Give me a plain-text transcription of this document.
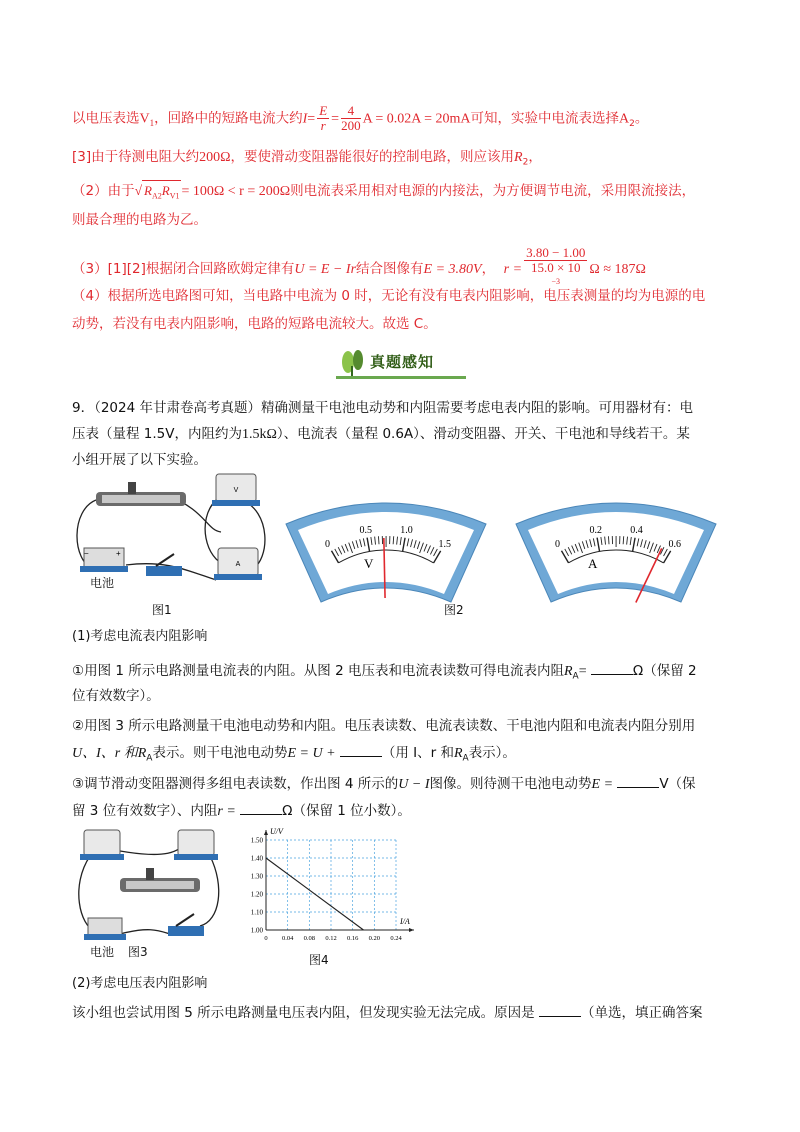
以电压表选$V_1$，回路中的短路电流大约$I= \frac{E}{r} = \frac{4}{200}$ A = 0.02A = 20mA可知，实验中电流表选择$A_2$。
[3]由于待测电阻大约200Ω，要使滑动变阻器能很好的控制电路，则应该用$R_2$，
（2）由于√ $R_{A2}R_{V1} = 100\Omega < r = 200\Omega$则电流表采用相对电源的内接法，为方便调节电流，采用限流接法，
则最合理的电路为乙。
（3）[1][2]根据闭合回路欧姆定律有U = E − Ir结合图像有E = 3.80V， r = 3.80 − 1.00
15.0 × 10
$^{-3}$ Ω ≈ 187Ω
（4）根据所选电路图可知，当电路中电流为 0 时，无论有没有电表内阻影响，电压表测量的均为电源的电
动势，若没有电表内阻影响，电路的短路电流较大。故选 C。
真题感知
9．（2024 年甘肃卷高考真题）精确测量干电池电动势和内阻需要考虑电表内阻的影响。可用器材有：电
压表（量程 1.5V，内阻约为1.5kΩ）、电流表（量程 0.6A）、滑动变阻器、开关、干电池和导线若干。某
小组开展了以下实验。
V
A
−	+
电池
图1
0
0.5	1.0
1.5
V
0
0.2	0.4
0.6
A
图2
(1)考虑电流表内阻影响
①用图 1 所示电路测量电流表的内阻。从图 2 电压表和电流表读数可得电流表内阻$R_A=$	Ω（保留 2
位有效数字）。
②用图 3 所示电路测量干电池电动势和内阻。电压表读数、电流表读数、干电池内阻和电流表内阻分别用
U、I、r 和$R_A$表示。则干电池电动势E = U +	（用 I、r 和$R_A$表示）。
③调节滑动变阻器测得多组电表读数，作出图 4 所示的U − I图像。则待测干电池电动势E =	V（保
留 3 位有效数字）、内阻r =	Ω（保留 1 位小数）。
电池 图3
0 0.04 0.08 0.12 0.16 0.20 0.24
1.00
1.10
1.20
1.30
1.40
1.50
I/A
U/V
图4
(2)考虑电压表内阻影响
该小组也尝试用图 5 所示电路测量电压表内阻，但发现实验无法完成。原因是	（单选，填正确答案
